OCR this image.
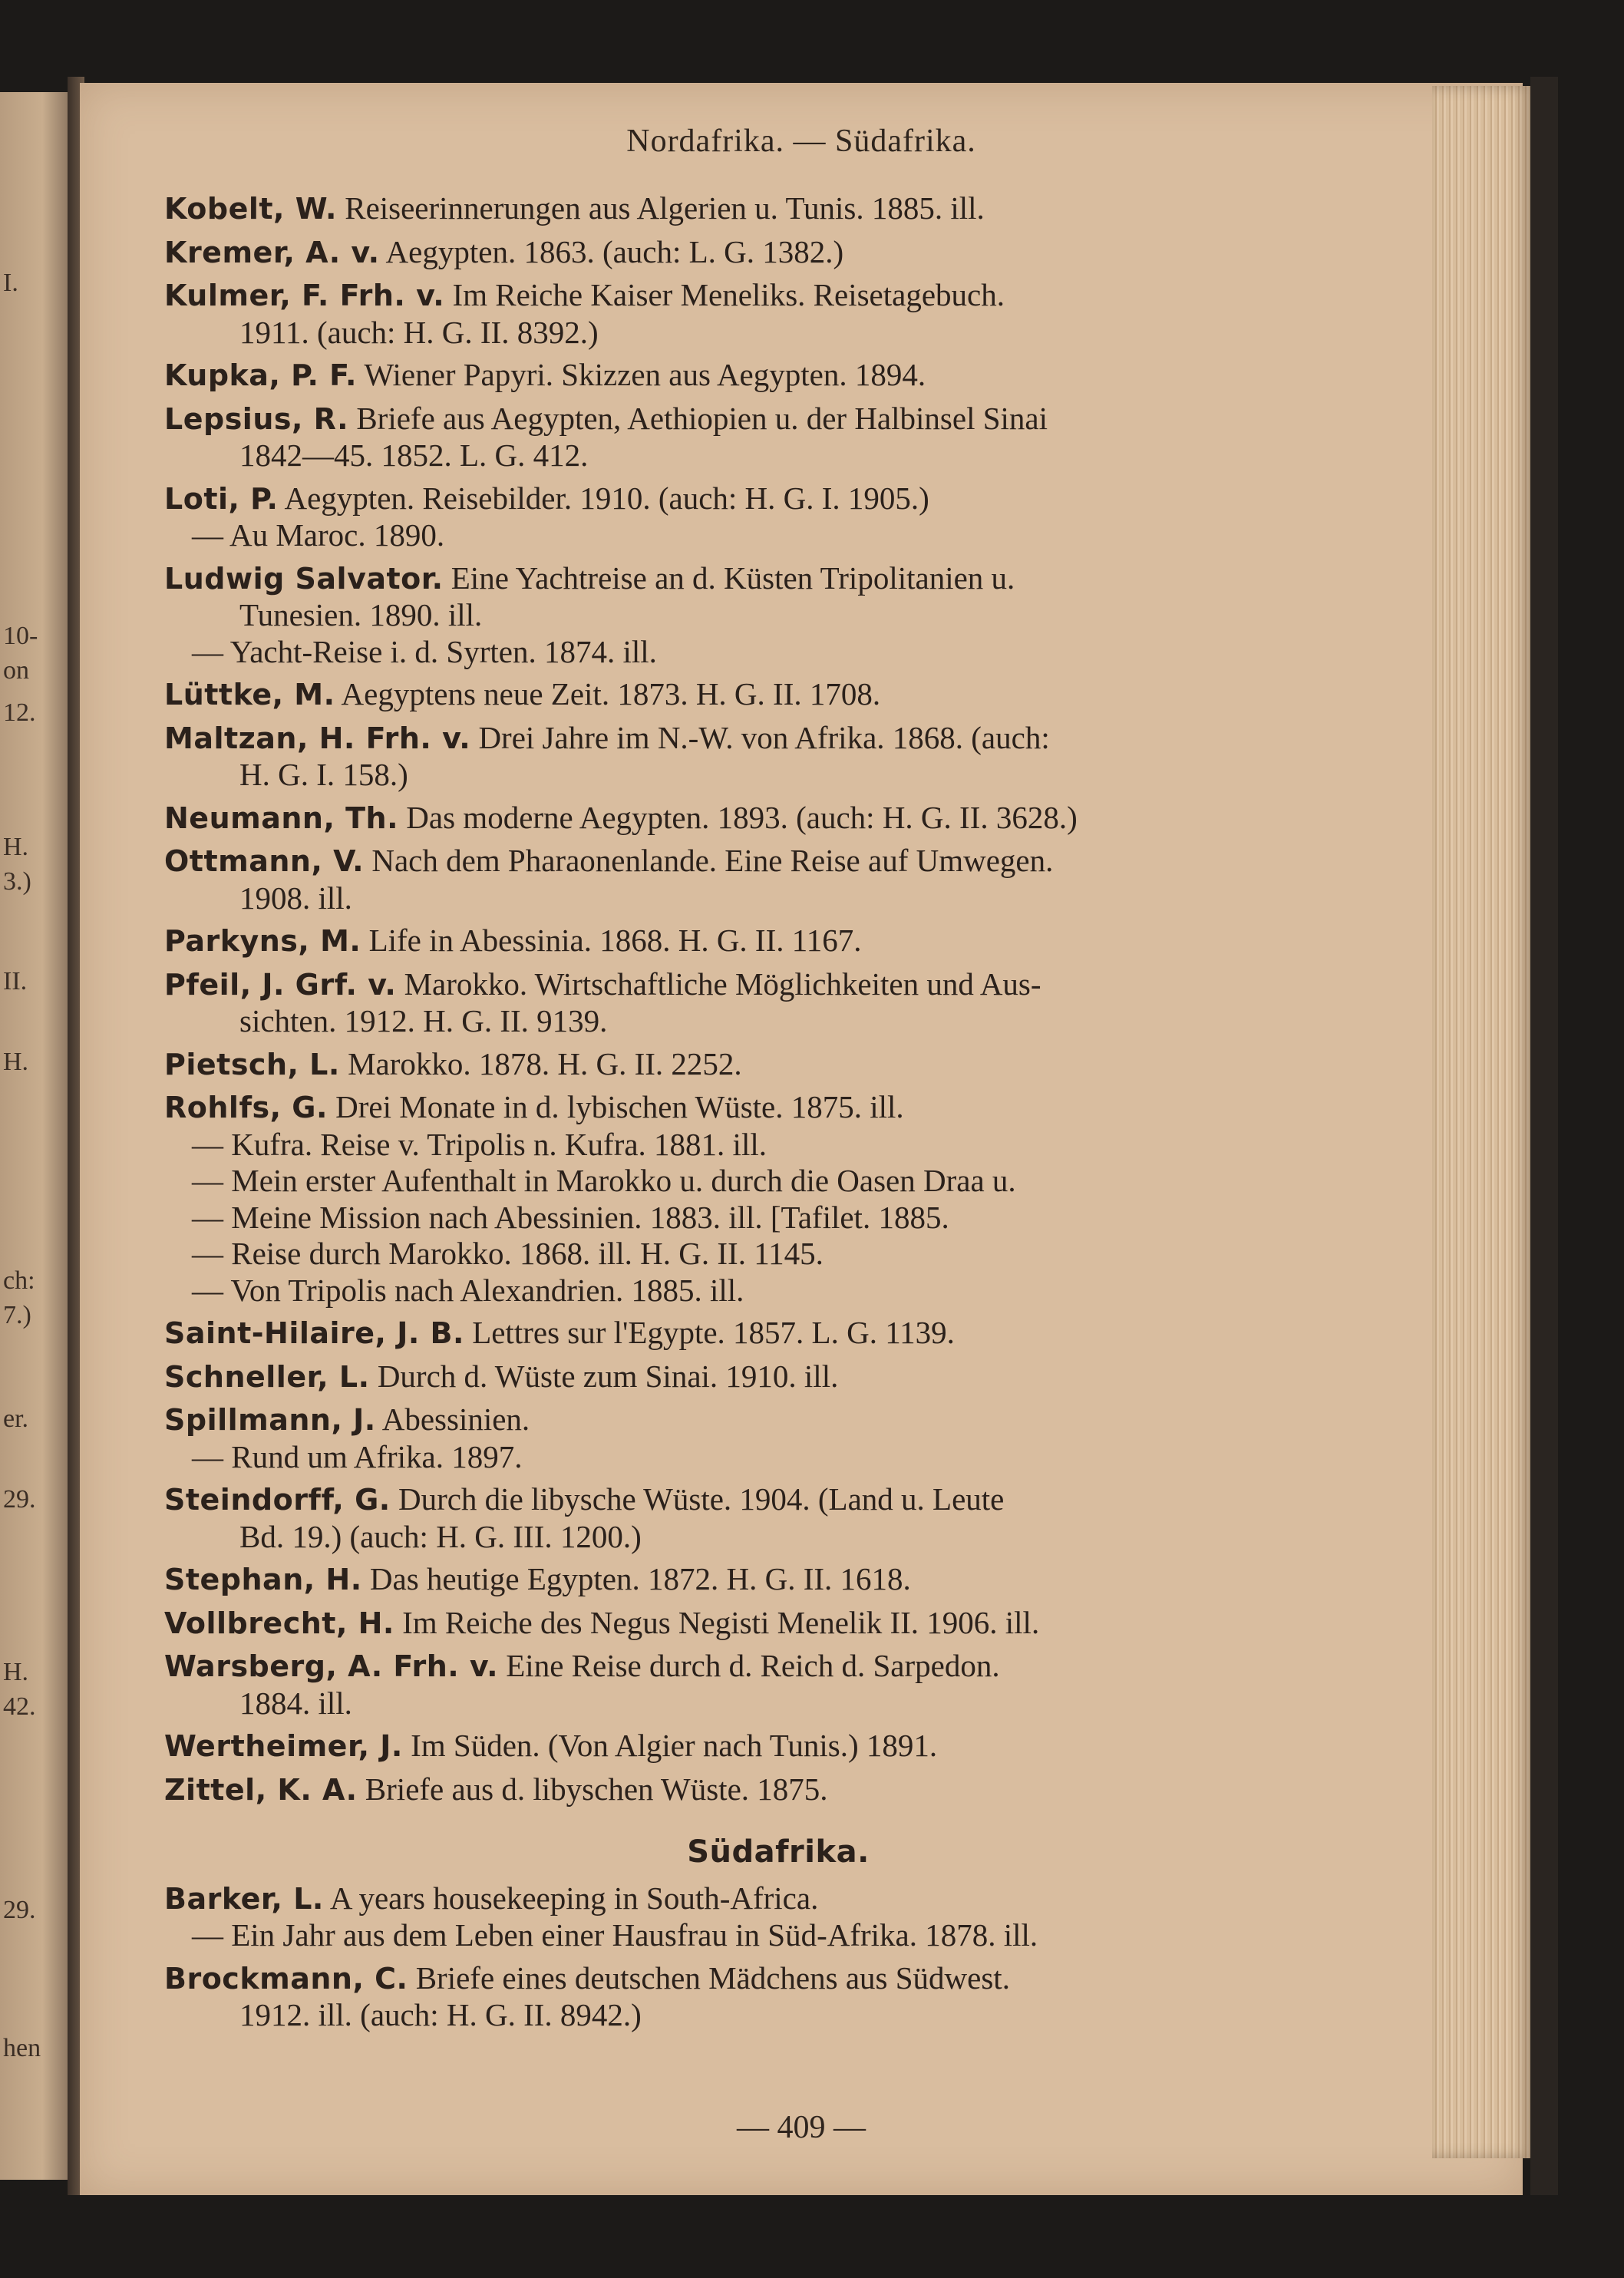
I.
10-
on
12.
H.
3.)
II.
H.
ch:
7.)
er.
29.
H.
42.
29.
hen
Nordafrika. — Südafrika.
Kobelt, W. Reiseerinnerungen aus Algerien u. Tunis. 1885. ill.
Kremer, A. v. Aegypten. 1863. (auch: L. G. 1382.)
Kulmer, F. Frh. v. Im Reiche Kaiser Meneliks. Reisetagebuch.
1911. (auch: H. G. II. 8392.)
Kupka, P. F. Wiener Papyri. Skizzen aus Aegypten. 1894.
Lepsius, R. Briefe aus Aegypten, Aethiopien u. der Halbinsel Sinai
1842—45. 1852. L. G. 412.
Loti, P. Aegypten. Reisebilder. 1910. (auch: H. G. I. 1905.)
— Au Maroc. 1890.
Ludwig Salvator. Eine Yachtreise an d. Küsten Tripolitanien u.
Tunesien. 1890. ill.
— Yacht-Reise i. d. Syrten. 1874. ill.
Lüttke, M. Aegyptens neue Zeit. 1873. H. G. II. 1708.
Maltzan, H. Frh. v. Drei Jahre im N.-W. von Afrika. 1868. (auch:
H. G. I. 158.)
Neumann, Th. Das moderne Aegypten. 1893. (auch: H. G. II. 3628.)
Ottmann, V. Nach dem Pharaonenlande. Eine Reise auf Umwegen.
1908. ill.
Parkyns, M. Life in Abessinia. 1868. H. G. II. 1167.
Pfeil, J. Grf. v. Marokko. Wirtschaftliche Möglichkeiten und Aus-
sichten. 1912. H. G. II. 9139.
Pietsch, L. Marokko. 1878. H. G. II. 2252.
Rohlfs, G. Drei Monate in d. lybischen Wüste. 1875. ill.
— Kufra. Reise v. Tripolis n. Kufra. 1881. ill.
— Mein erster Aufenthalt in Marokko u. durch die Oasen Draa u.
— Meine Mission nach Abessinien. 1883. ill. [Tafilet. 1885.
— Reise durch Marokko. 1868. ill. H. G. II. 1145.
— Von Tripolis nach Alexandrien. 1885. ill.
Saint-Hilaire, J. B. Lettres sur l'Egypte. 1857. L. G. 1139.
Schneller, L. Durch d. Wüste zum Sinai. 1910. ill.
Spillmann, J. Abessinien.
— Rund um Afrika. 1897.
Steindorff, G. Durch die libysche Wüste. 1904. (Land u. Leute
Bd. 19.) (auch: H. G. III. 1200.)
Stephan, H. Das heutige Egypten. 1872. H. G. II. 1618.
Vollbrecht, H. Im Reiche des Negus Negisti Menelik II. 1906. ill.
Warsberg, A. Frh. v. Eine Reise durch d. Reich d. Sarpedon.
1884. ill.
Wertheimer, J. Im Süden. (Von Algier nach Tunis.) 1891.
Zittel, K. A. Briefe aus d. libyschen Wüste. 1875.
Südafrika.
Barker, L. A years housekeeping in South-Africa.
— Ein Jahr aus dem Leben einer Hausfrau in Süd-Afrika. 1878. ill.
Brockmann, C. Briefe eines deutschen Mädchens aus Südwest.
1912. ill. (auch: H. G. II. 8942.)
— 409 —
